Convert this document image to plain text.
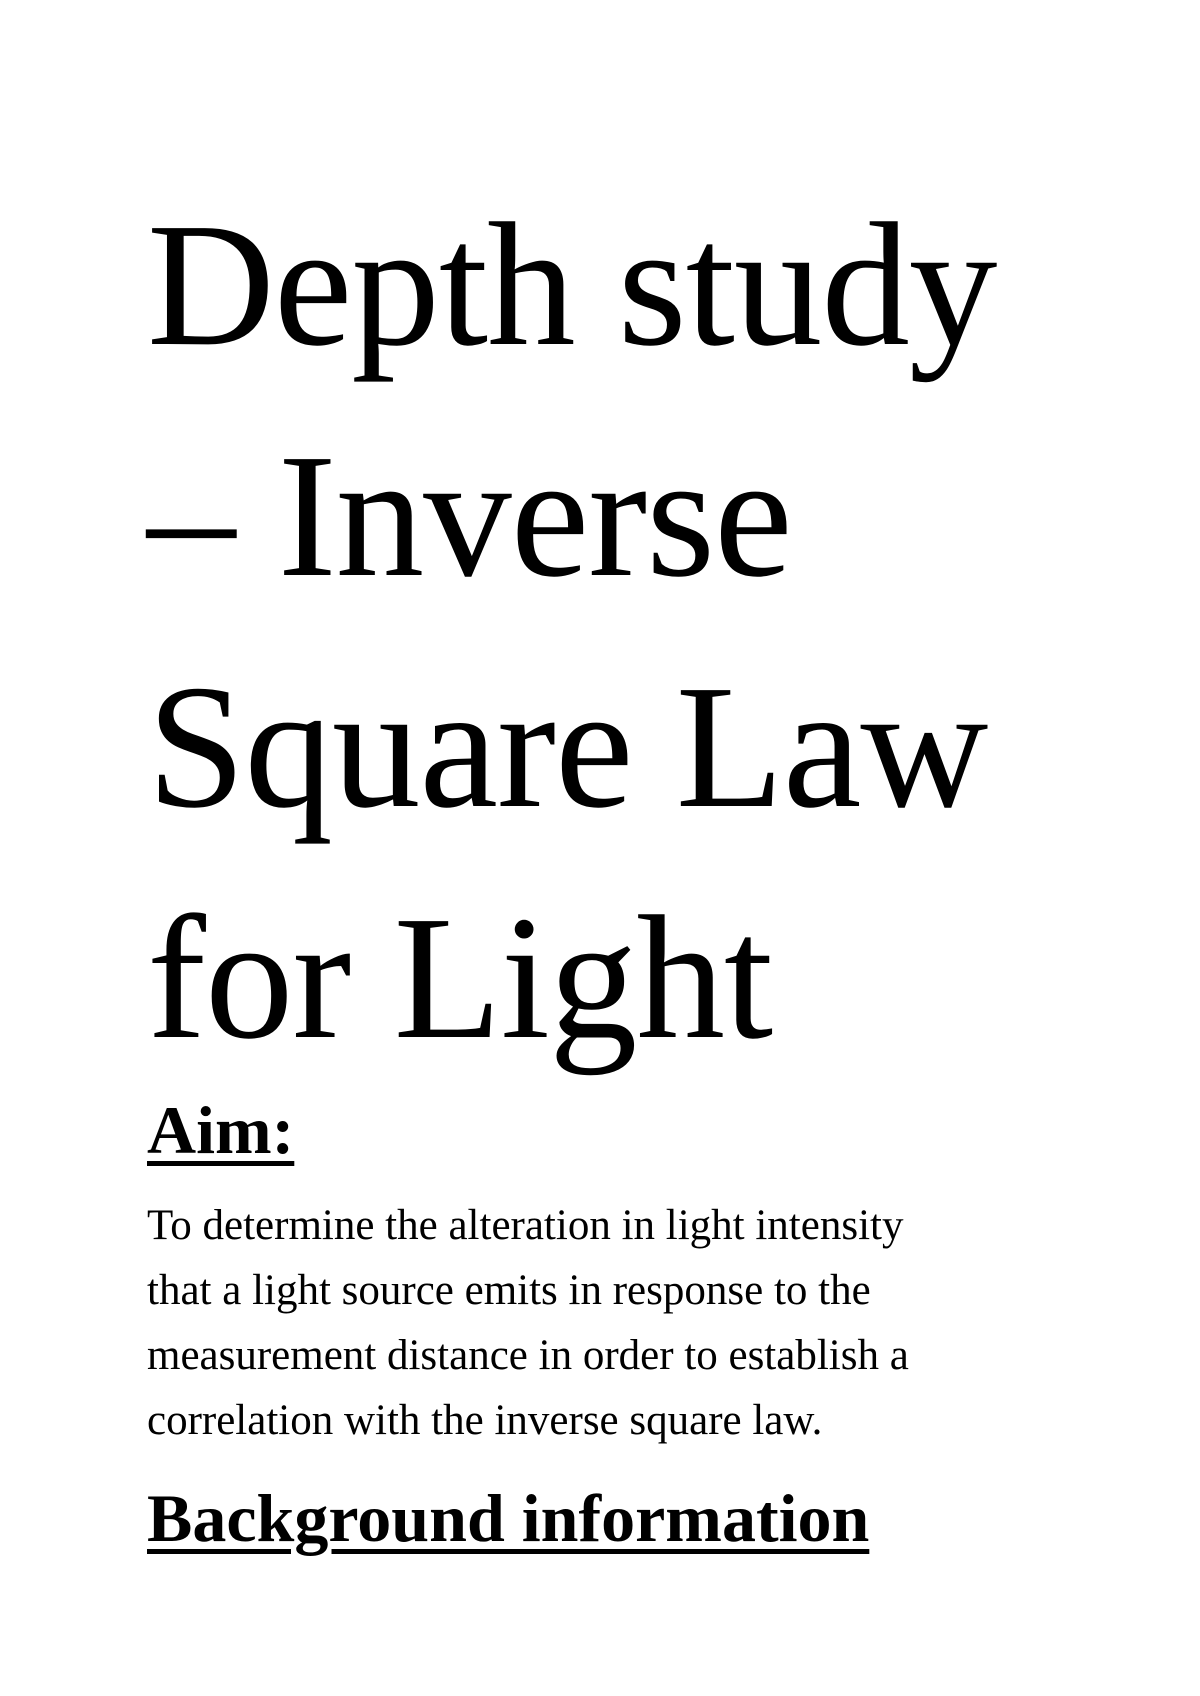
Depth study
– Inverse
Square Law
for Light
Aim:

To determine the alteration in light intensity
that a light source emits in response to the
measurement distance in order to establish a
correlation with the inverse square law.

Background information
